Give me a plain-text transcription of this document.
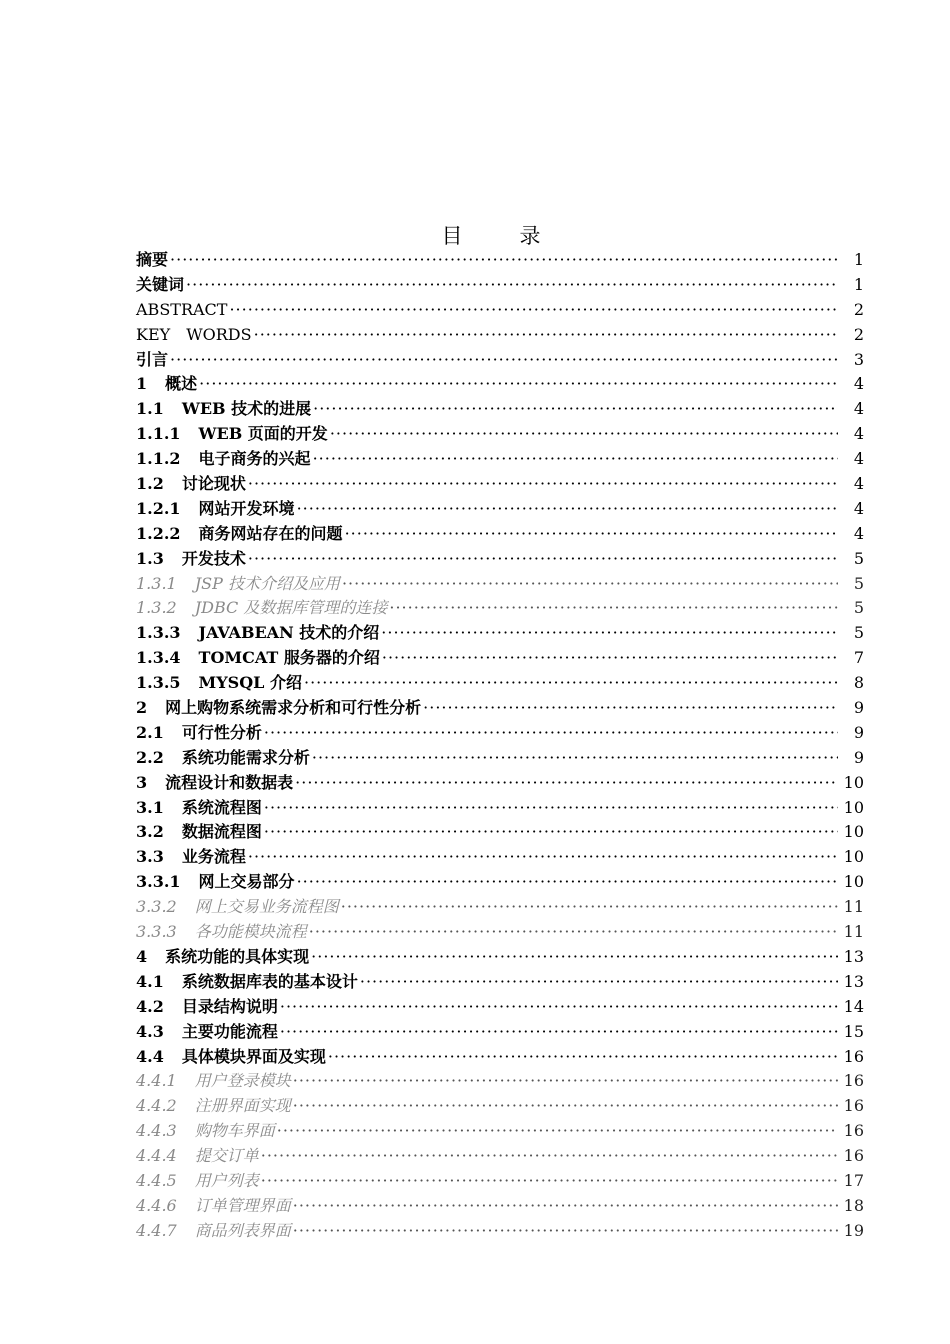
目　录
摘要 ·····	1
关键词 ·····	1
ABSTRACT ·····	2
KEY　WORDS ·····	2
引言 ·····	3
1 概述 ·····	4
1.1 WEB 技术的进展 ·····	4
1.1.1 WEB 页面的开发 ·····	4
1.1.2 电子商务的兴起 ·····	4
1.2 讨论现状 ·····	4
1.2.1 网站开发环境 ·····	4
1.2.2 商务网站存在的问题 ·····	4
1.3 开发技术 ·····	5
1.3.1 JSP 技术介绍及应用 ·····	5
1.3.2 JDBC 及数据库管理的连接 ·····	5
1.3.3 JAVABEAN 技术的介绍 ·····	5
1.3.4 TOMCAT 服务器的介绍 ·····	7
1.3.5 MYSQL 介绍 ·····	8
2 网上购物系统需求分析和可行性分析 ·····	9
2.1 可行性分析 ·····	9
2.2 系统功能需求分析 ·····	9
3 流程设计和数据表 ·····	10
3.1 系统流程图 ·····	10
3.2 数据流程图 ·····	10
3.3 业务流程 ·····	10
3.3.1 网上交易部分 ·····	10
3.3.2 网上交易业务流程图 ·····	11
3.3.3 各功能模块流程 ·····	11
4 系统功能的具体实现 ·····	13
4.1 系统数据库表的基本设计 ·····	13
4.2 目录结构说明 ·····	14
4.3 主要功能流程 ·····	15
4.4 具体模块界面及实现 ·····	16
4.4.1 用户登录模块 ·····	16
4.4.2 注册界面实现 ·····	16
4.4.3 购物车界面 ·····	16
4.4.4 提交订单 ·····	16
4.4.5 用户列表 ·····	17
4.4.6 订单管理界面 ·····	18
4.4.7 商品列表界面 ·····	19
